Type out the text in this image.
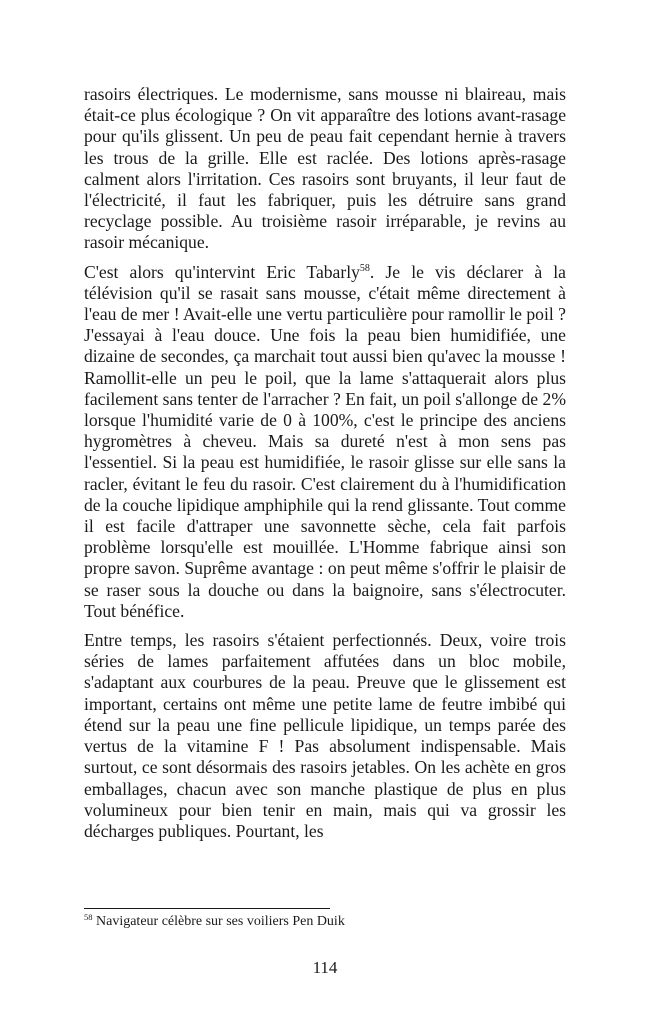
rasoirs électriques. Le modernisme, sans mousse ni blaireau, mais était-ce plus écologique ? On vit apparaître des lotions avant-rasage pour qu'ils glissent. Un peu de peau fait cependant hernie à travers les trous de la grille. Elle est raclée. Des lotions après-rasage calment alors l'irritation. Ces rasoirs sont bruyants, il leur faut de l'électricité, il faut les fabriquer, puis les détruire sans grand recyclage possible. Au troisième rasoir irréparable, je revins au rasoir mécanique.

C'est alors qu'intervint Eric Tabarly$^{58}$. Je le vis déclarer à la télévision qu'il se rasait sans mousse, c'était même directement à l'eau de mer ! Avait-elle une vertu particulière pour ramollir le poil ? J'essayai à l'eau douce. Une fois la peau bien humidifiée, une dizaine de secondes, ça marchait tout aussi bien qu'avec la mousse ! Ramollit-elle un peu le poil, que la lame s'attaquerait alors plus facilement sans tenter de l'arracher ? En fait, un poil s'allonge de 2% lorsque l'humidité varie de 0 à 100%, c'est le principe des anciens hygromètres à cheveu. Mais sa dureté n'est à mon sens pas l'essentiel. Si la peau est humidifiée, le rasoir glisse sur elle sans la racler, évitant le feu du rasoir. C'est clairement du à l'humidification de la couche lipidique amphiphile qui la rend glissante. Tout comme il est facile d'attraper une savonnette sèche, cela fait parfois problème lorsqu'elle est mouillée. L'Homme fabrique ainsi son propre savon. Suprême avantage : on peut même s'offrir le plaisir de se raser sous la douche ou dans la baignoire, sans s'électrocuter. Tout bénéfice.

Entre temps, les rasoirs s'étaient perfectionnés. Deux, voire trois séries de lames parfaitement affutées dans un bloc mobile, s'adaptant aux courbures de la peau. Preuve que le glissement est important, certains ont même une petite lame de feutre imbibé qui étend sur la peau une fine pellicule lipidique, un temps parée des vertus de la vitamine F ! Pas absolument indispensable. Mais surtout, ce sont désormais des rasoirs jetables. On les achète en gros emballages, chacun avec son manche plastique de plus en plus volumineux pour bien tenir en main, mais qui va grossir les décharges publiques. Pourtant, les

$^{58}$ Navigateur célèbre sur ses voiliers Pen Duik
114
